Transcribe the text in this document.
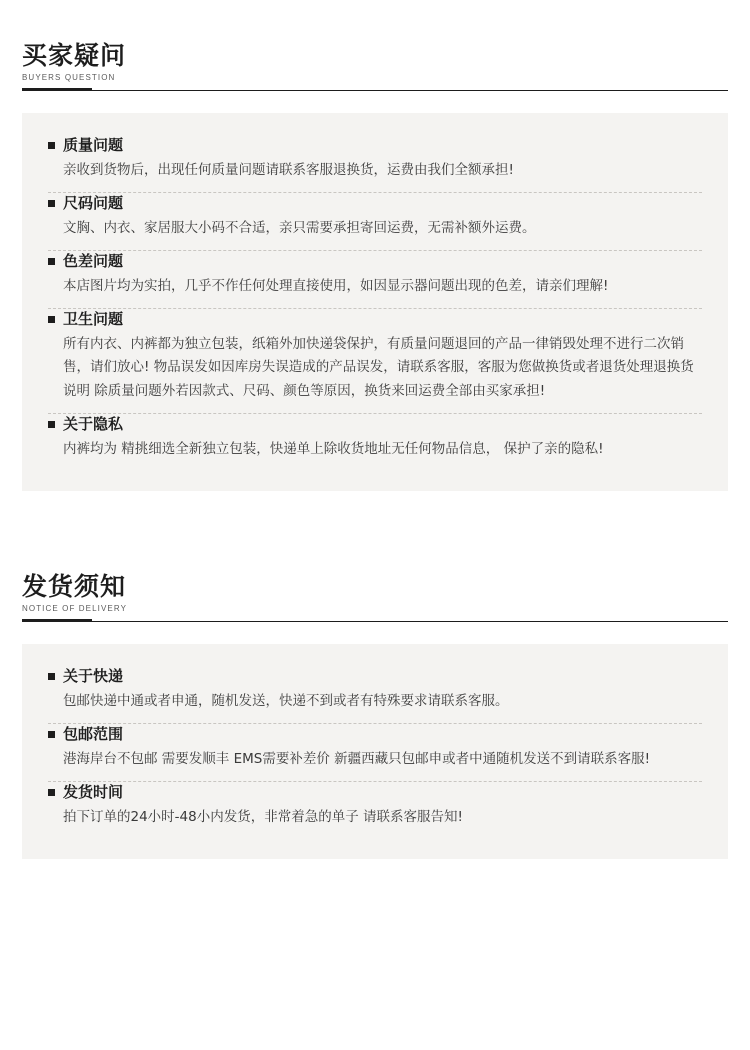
买家疑问
BUYERS QUESTION
质量问题
亲收到货物后，出现任何质量问题请联系客服退换货，运费由我们全额承担!
尺码问题
文胸、内衣、家居服大小码不合适，亲只需要承担寄回运费，无需补额外运费。
色差问题
本店图片均为实拍，几乎不作任何处理直接使用，如因显示器问题出现的色差，请亲们理解!
卫生问题
所有内衣、内裤都为独立包装，纸箱外加快递袋保护，有质量问题退回的产品一律销毁处理不进行二次销售，请们放心! 物品误发如因库房失误造成的产品误发，请联系客服，客服为您做换货或者退货处理退换货说明 除质量问题外若因款式、尺码、颜色等原因，换货来回运费全部由买家承担!
关于隐私
内裤均为 精挑细选全新独立包装，快递单上除收货地址无任何物品信息， 保护了亲的隐私!
发货须知
NOTICE OF DELIVERY
关于快递
包邮快递中通或者申通，随机发送，快递不到或者有特殊要求请联系客服。
包邮范围
港海岸台不包邮 需要发顺丰 EMS需要补差价 新疆西藏只包邮申或者中通随机发送不到请联系客服!
发货时间
拍下订单的24小时-48小内发货，非常着急的单子 请联系客服告知!
